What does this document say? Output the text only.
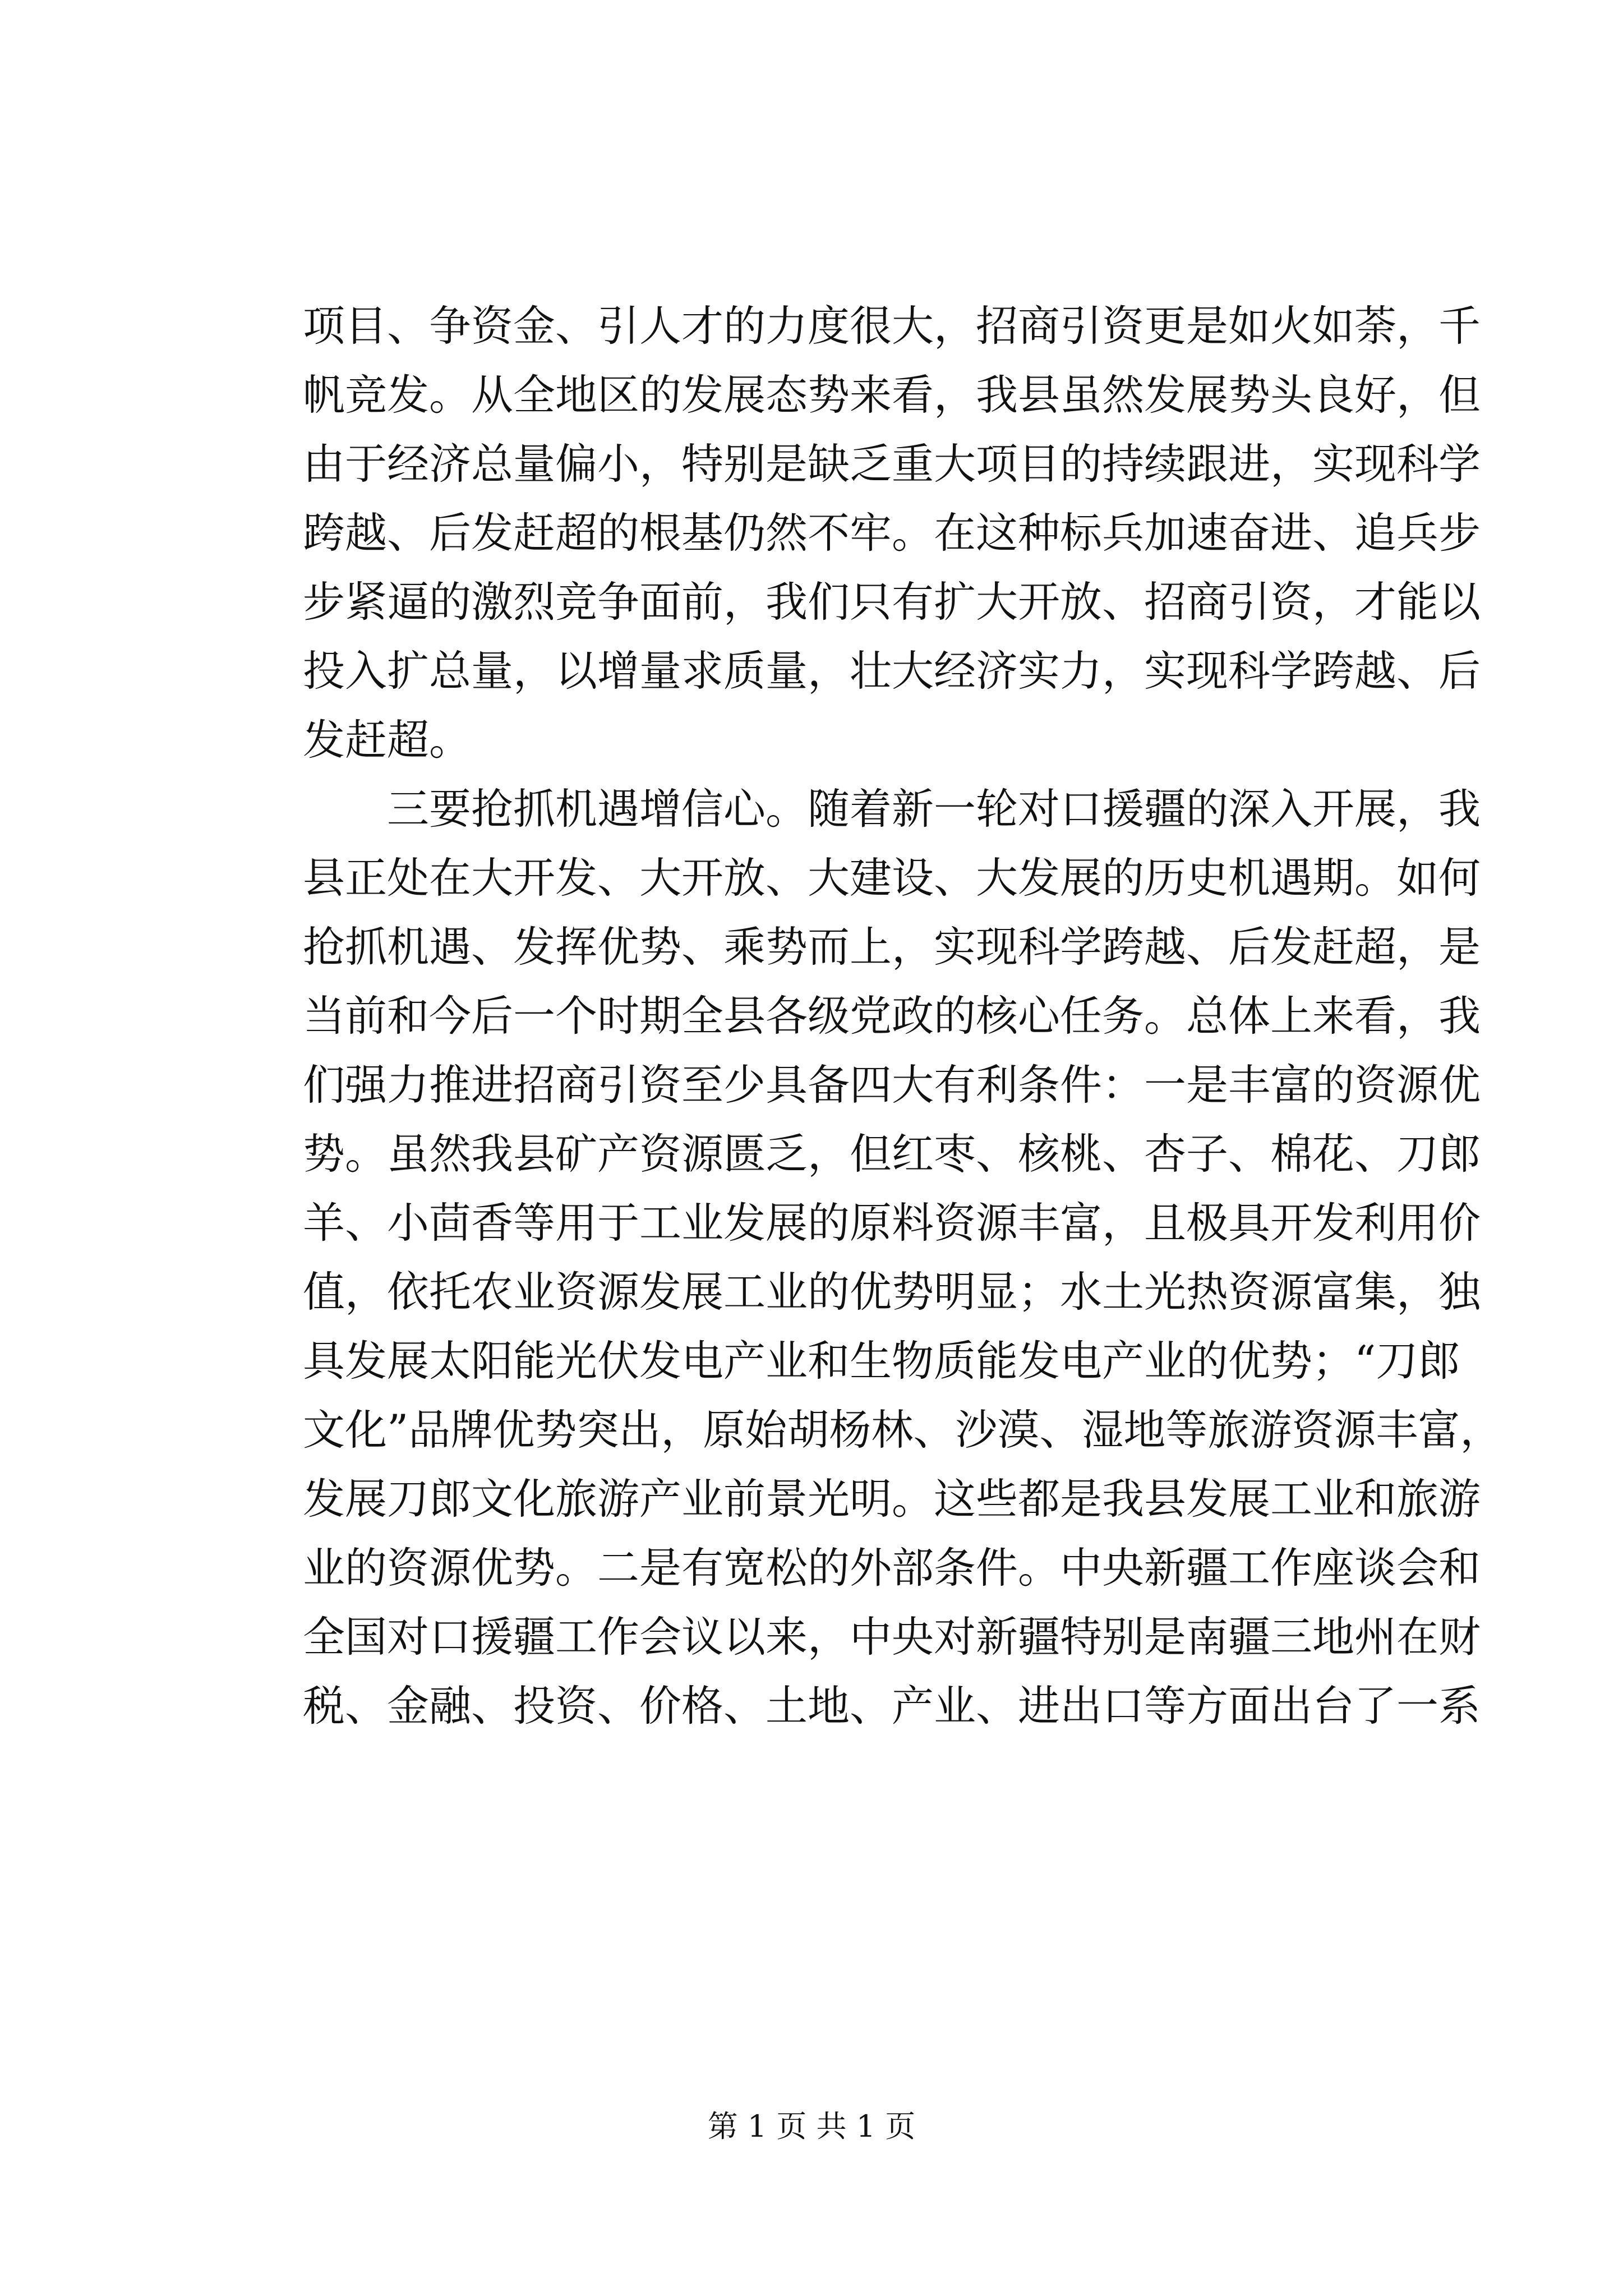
项目、争资金、引人才的力度很大，招商引资更是如火如荼，千
帆竞发。从全地区的发展态势来看，我县虽然发展势头良好，但
由于经济总量偏小，特别是缺乏重大项目的持续跟进，实现科学
跨越、后发赶超的根基仍然不牢。在这种标兵加速奋进、追兵步
步紧逼的激烈竞争面前，我们只有扩大开放、招商引资，才能以
投入扩总量，以增量求质量，壮大经济实力，实现科学跨越、后
发赶超。
三要抢抓机遇增信心。随着新一轮对口援疆的深入开展，我
县正处在大开发、大开放、大建设、大发展的历史机遇期。如何
抢抓机遇、发挥优势、乘势而上，实现科学跨越、后发赶超，是
当前和今后一个时期全县各级党政的核心任务。总体上来看，我
们强力推进招商引资至少具备四大有利条件：一是丰富的资源优
势。虽然我县矿产资源匮乏，但红枣、核桃、杏子、棉花、刀郎
羊、小茴香等用于工业发展的原料资源丰富，且极具开发利用价
值，依托农业资源发展工业的优势明显；水土光热资源富集，独
具发展太阳能光伏发电产业和生物质能发电产业的优势；“刀郎
文化”品牌优势突出，原始胡杨林、沙漠、湿地等旅游资源丰富，
发展刀郎文化旅游产业前景光明。这些都是我县发展工业和旅游
业的资源优势。二是有宽松的外部条件。中央新疆工作座谈会和
全国对口援疆工作会议以来，中央对新疆特别是南疆三地州在财
税、金融、投资、价格、土地、产业、进出口等方面出台了一系
第 1 页 共 1 页
